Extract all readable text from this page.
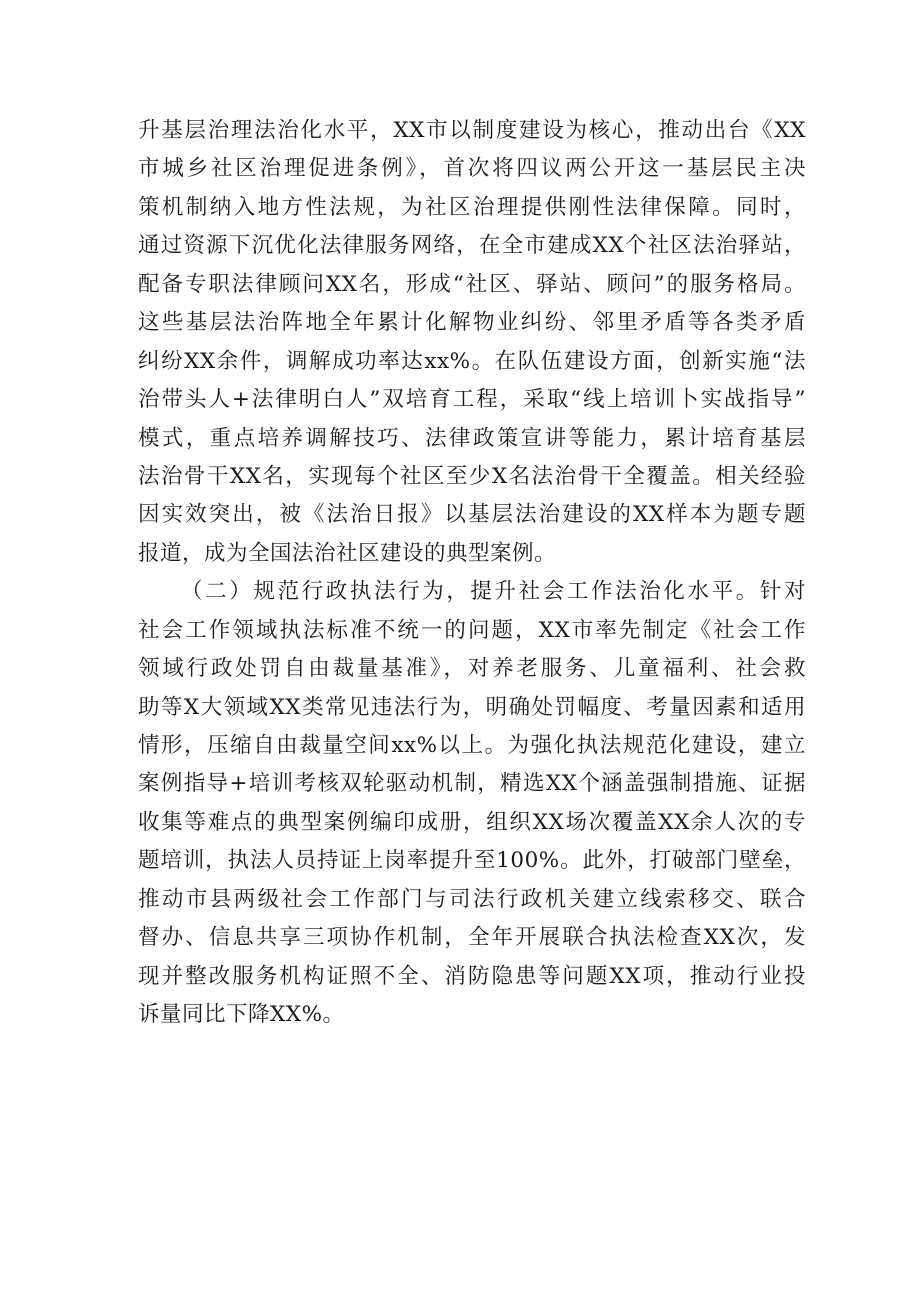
升基层治理法治化水平，XX市以制度建设为核心，推动出台《XX
市城乡社区治理促进条例》，首次将四议两公开这一基层民主决
策机制纳入地方性法规，为社区治理提供刚性法律保障。同时，
通过资源下沉优化法律服务网络，在全市建成XX个社区法治驿站，
配备专职法律顾问XX名，形成“社区、驿站、顾问”的服务格局。
这些基层法治阵地全年累计化解物业纠纷、邻里矛盾等各类矛盾
纠纷XX余件，调解成功率达xx%。在队伍建设方面，创新实施“法
治带头人+法律明白人”双培育工程，采取“线上培训卜实战指导”
模式，重点培养调解技巧、法律政策宣讲等能力，累计培育基层
法治骨干XX名，实现每个社区至少X名法治骨干全覆盖。相关经验
因实效突出，被《法治日报》以基层法治建设的XX样本为题专题
报道，成为全国法治社区建设的典型案例。
（二）规范行政执法行为，提升社会工作法治化水平。针对
社会工作领域执法标准不统一的问题，XX市率先制定《社会工作
领域行政处罚自由裁量基准》，对养老服务、儿童福利、社会救
助等X大领域XX类常见违法行为，明确处罚幅度、考量因素和适用
情形，压缩自由裁量空间xx%以上。为强化执法规范化建设，建立
案例指导+培训考核双轮驱动机制，精选XX个涵盖强制措施、证据
收集等难点的典型案例编印成册，组织XX场次覆盖XX余人次的专
题培训，执法人员持证上岗率提升至100%。此外，打破部门壁垒，
推动市县两级社会工作部门与司法行政机关建立线索移交、联合
督办、信息共享三项协作机制，全年开展联合执法检查XX次，发
现并整改服务机构证照不全、消防隐患等问题XX项，推动行业投
诉量同比下降XX%。
